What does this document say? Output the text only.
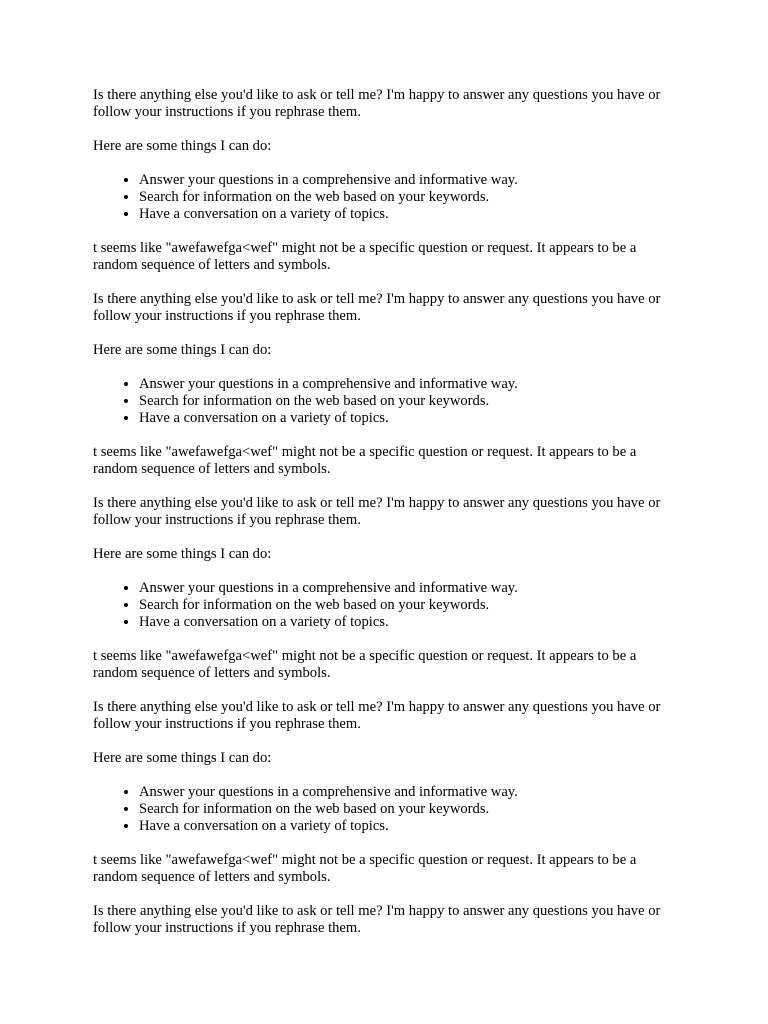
Is there anything else you'd like to ask or tell me? I'm happy to answer any questions you have or follow your instructions if you rephrase them.

Here are some things I can do:

• Answer your questions in a comprehensive and informative way.
• Search for information on the web based on your keywords.
• Have a conversation on a variety of topics.

t seems like "awefawefga<wef" might not be a specific question or request. It appears to be a random sequence of letters and symbols.

Is there anything else you'd like to ask or tell me? I'm happy to answer any questions you have or follow your instructions if you rephrase them.

Here are some things I can do:

• Answer your questions in a comprehensive and informative way.
• Search for information on the web based on your keywords.
• Have a conversation on a variety of topics.

t seems like "awefawefga<wef" might not be a specific question or request. It appears to be a random sequence of letters and symbols.

Is there anything else you'd like to ask or tell me? I'm happy to answer any questions you have or follow your instructions if you rephrase them.

Here are some things I can do:

• Answer your questions in a comprehensive and informative way.
• Search for information on the web based on your keywords.
• Have a conversation on a variety of topics.

t seems like "awefawefga<wef" might not be a specific question or request. It appears to be a random sequence of letters and symbols.

Is there anything else you'd like to ask or tell me? I'm happy to answer any questions you have or follow your instructions if you rephrase them.

Here are some things I can do:

• Answer your questions in a comprehensive and informative way.
• Search for information on the web based on your keywords.
• Have a conversation on a variety of topics.

t seems like "awefawefga<wef" might not be a specific question or request. It appears to be a random sequence of letters and symbols.

Is there anything else you'd like to ask or tell me? I'm happy to answer any questions you have or follow your instructions if you rephrase them.
